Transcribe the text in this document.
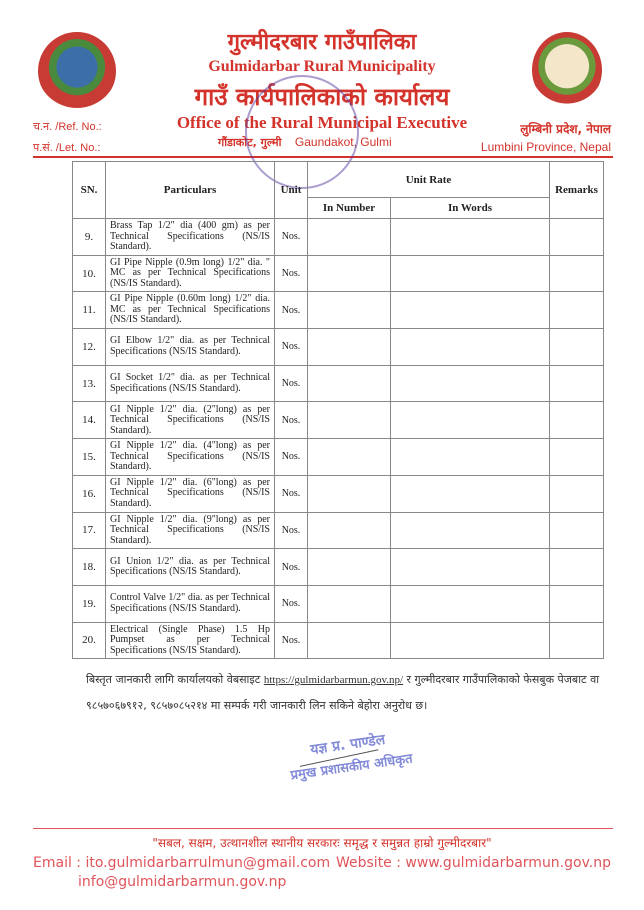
गुल्मीदरबार गाउँपालिका
Gulmidarbar Rural Municipality
गाउँ कार्यपालिकाको कार्यालय
Office of the Rural Municipal Executive
गौंडाकोट, गुल्मी Gaundakot, Gulmi
च.न. /Ref. No.:
प.सं. /Let. No.:
लुम्बिनी प्रदेश, नेपाल
Lumbini Province, Nepal
SN.	Particulars	Unit	Unit Rate		Remarks
			In Number	In Words	
9.	Brass Tap 1/2" dia (400 gm) as per Technical Specifications (NS/IS Standard).	Nos.			
10.	GI Pipe Nipple (0.9m long) 1/2" dia. " MC as per Technical Specifications (NS/IS Standard).	Nos.			
11.	GI Pipe Nipple (0.60m long) 1/2" dia. MC as per Technical Specifications (NS/IS Standard).	Nos.			
12.	GI Elbow 1/2" dia. as per Technical Specifications (NS/IS Standard).	Nos.			
13.	GI Socket 1/2" dia. as per Technical Specifications (NS/IS Standard).	Nos.			
14.	GI Nipple 1/2" dia. (2"long) as per Technical Specifications (NS/IS Standard).	Nos.			
15.	GI Nipple 1/2" dia. (4"long) as per Technical Specifications (NS/IS Standard).	Nos.			
16.	GI Nipple 1/2" dia. (6"long) as per Technical Specifications (NS/IS Standard).	Nos.			
17.	GI Nipple 1/2" dia. (9"long) as per Technical Specifications (NS/IS Standard).	Nos.			
18.	GI Union 1/2" dia. as per Technical Specifications (NS/IS Standard).	Nos.			
19.	Control Valve 1/2" dia. as per Technical Specifications (NS/IS Standard).	Nos.			
20.	Electrical (Single Phase) 1.5 Hp Pumpset as per Technical Specifications (NS/IS Standard).	Nos.			
बिस्तृत जानकारी लागि कार्यालयको वेबसाइट https://gulmidarbarmun.gov.np/ र गुल्मीदरबार गाउँपालिकाको फेसबुक पेजबाट वा ९८५७०६७९१२, ९८५७०८५२१४ मा सम्पर्क गरी जानकारी लिन सकिने बेहोरा अनुरोध छ।
यज्ञ प्र. पाण्डेल
प्रमुख प्रशासकीय अधिकृत
"सबल, सक्षम, उत्थानशील स्थानीय सरकारः समृद्ध र समुन्नत हाम्रो गुल्मीदरबार"
Email : ito.gulmidarbarrulmun@gmail.com
info@gulmidarbarmun.gov.np
Website : www.gulmidarbarmun.gov.np
